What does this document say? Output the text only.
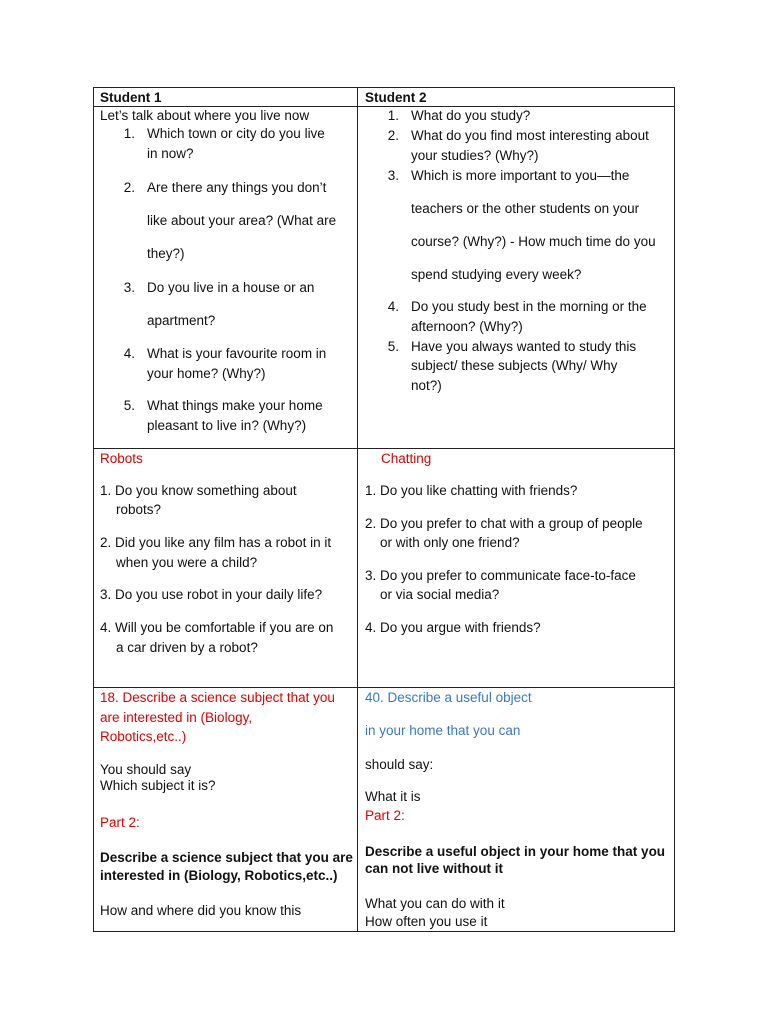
Student 1	Student 2
Let’s talk about where you live now
1. Which town or city do you live
in now?
2. Are there any things you don’t
like about your area? (What are
they?)
3. Do you live in a house or an
apartment?
4. What is your favourite room in
your home? (Why?)
5. What things make your home
pleasant to live in? (Why?)
1. What do you study?
2. What do you find most interesting about
your studies? (Why?)
3. Which is more important to you—the
teachers or the other students on your
course? (Why?) - How much time do you
spend studying every week?
4. Do you study best in the morning or the
afternoon? (Why?)
5. Have you always wanted to study this
subject/ these subjects (Why/ Why
not?)
Robots
1. Do you know something about
robots?
2. Did you like any film has a robot in it
when you were a child?
3. Do you use robot in your daily life?
4. Will you be comfortable if you are on
a car driven by a robot?
Chatting
1. Do you like chatting with friends?
2. Do you prefer to chat with a group of people
or with only one friend?
3. Do you prefer to communicate face-to-face
or via social media?
4. Do you argue with friends?
18. Describe a science subject that you
are interested in (Biology,
Robotics,etc..)
You should say
Which subject it is?
Part 2:
Describe a science subject that you are
interested in (Biology, Robotics,etc..)
How and where did you know this
40. Describe a useful object
in your home that you can
should say:
What it is
Part 2:
Describe a useful object in your home that you
can not live without it
What you can do with it
How often you use it
